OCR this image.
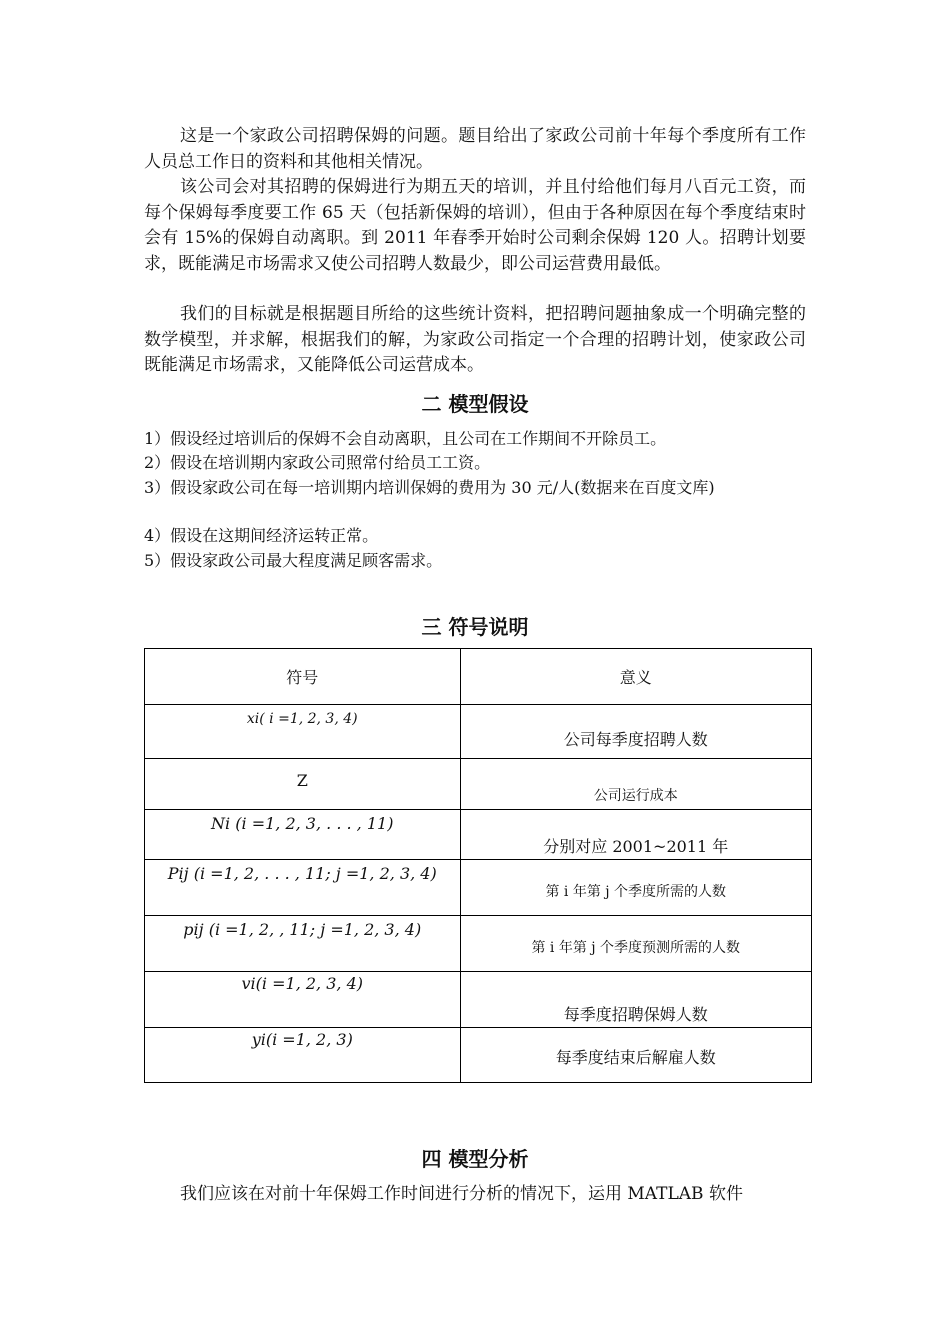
这是一个家政公司招聘保姆的问题。题目给出了家政公司前十年每个季度所有工作人员总工作日的资料和其他相关情况。

该公司会对其招聘的保姆进行为期五天的培训，并且付给他们每月八百元工资，而每个保姆每季度要工作 65 天（包括新保姆的培训），但由于各种原因在每个季度结束时会有 15%的保姆自动离职。到 2011 年春季开始时公司剩余保姆 120 人。招聘计划要求，既能满足市场需求又使公司招聘人数最少，即公司运营费用最低。

我们的目标就是根据题目所给的这些统计资料，把招聘问题抽象成一个明确完整的数学模型，并求解，根据我们的解，为家政公司指定一个合理的招聘计划，使家政公司既能满足市场需求，又能降低公司运营成本。

二 模型假设

1）假设经过培训后的保姆不会自动离职，且公司在工作期间不开除员工。

2）假设在培训期内家政公司照常付给员工工资。

3）假设家政公司在每一培训期内培训保姆的费用为 30 元/人(数据来在百度文库)

4）假设在这期间经济运转正常。

5）假设家政公司最大程度满足顾客需求。

三 符号说明
符号	意义

xi( i =1, 2, 3, 4)	公司每季度招聘人数

Z	公司运行成本

Ni (i =1, 2, 3, . . . , 11)	分别对应 2001~2011 年

Pij (i =1, 2, . . . , 11; j =1, 2, 3, 4)	第 i 年第 j 个季度所需的人数

pij (i =1, 2, , 11; j =1, 2, 3, 4)	第 i 年第 j 个季度预测所需的人数

vi(i =1, 2, 3, 4)	每季度招聘保姆人数

yi(i =1, 2, 3)	每季度结束后解雇人数
四 模型分析

我们应该在对前十年保姆工作时间进行分析的情况下，运用 MATLAB 软件
